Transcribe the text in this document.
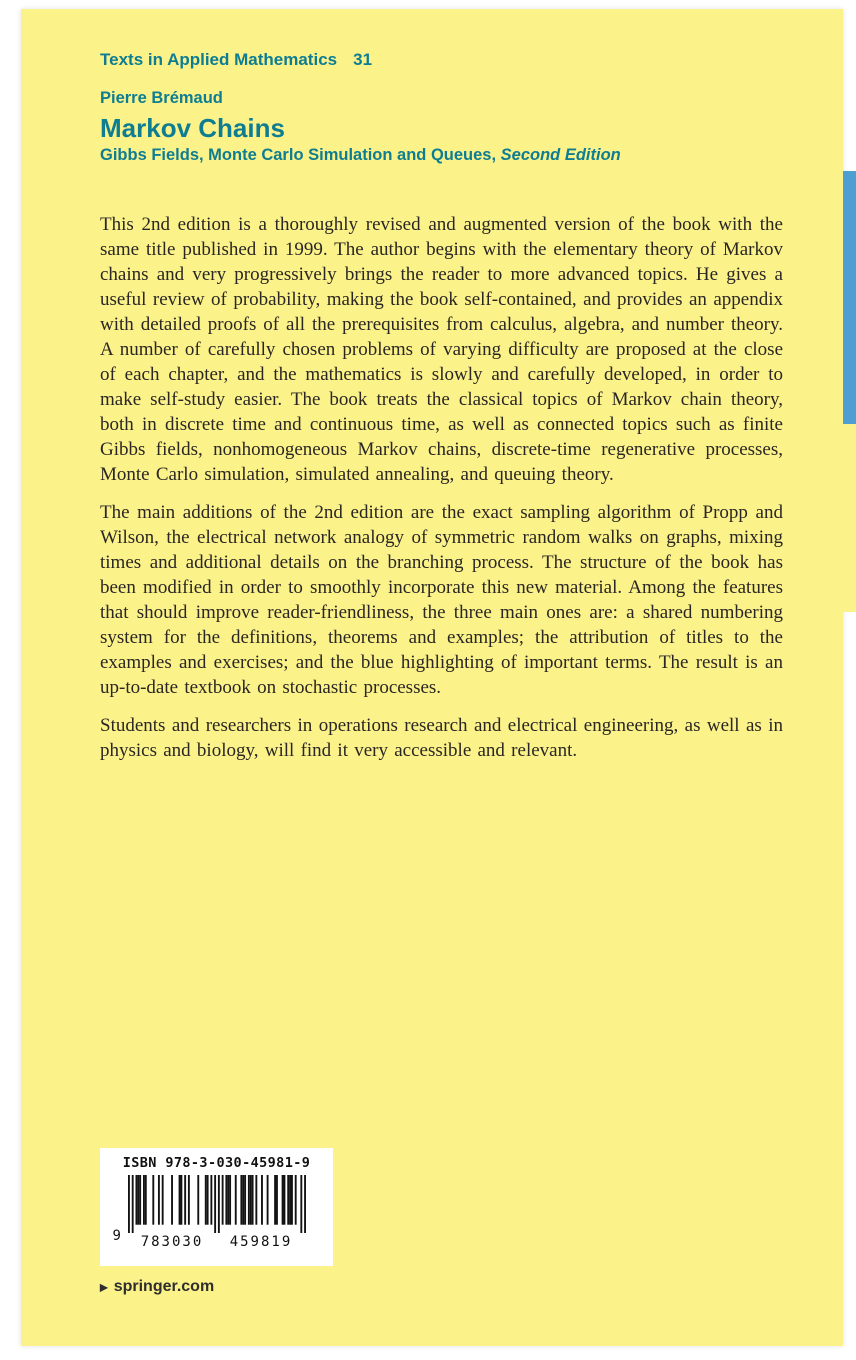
Texts in Applied Mathematics 31
Pierre Brémaud
Markov Chains
Gibbs Fields, Monte Carlo Simulation and Queues, Second Edition

This 2nd edition is a thoroughly revised and augmented version of the book with the same title published in 1999. The author begins with the elementary theory of Markov chains and very progressively brings the reader to more advanced topics. He gives a useful review of probability, making the book self-contained, and provides an appendix with detailed proofs of all the prerequisites from calculus, algebra, and number theory. A number of carefully chosen problems of varying difficulty are proposed at the close of each chapter, and the mathematics is slowly and carefully developed, in order to make self-study easier. The book treats the classical topics of Markov chain theory, both in discrete time and continuous time, as well as connected topics such as finite Gibbs fields, nonhomogeneous Markov chains, discrete-time regenerative processes, Monte Carlo simulation, simulated annealing, and queuing theory.

The main additions of the 2nd edition are the exact sampling algorithm of Propp and Wilson, the electrical network analogy of symmetric random walks on graphs, mixing times and additional details on the branching process. The structure of the book has been modified in order to smoothly incorporate this new material. Among the features that should improve reader-friendliness, the three main ones are: a shared numbering system for the definitions, theorems and examples; the attribution of titles to the examples and exercises; and the blue highlighting of important terms. The result is an up-to-date textbook on stochastic processes.

Students and researchers in operations research and electrical engineering, as well as in physics and biology, will find it very accessible and relevant.

ISBN 978-3-030-45981-9
9	783030	459819
▶ springer.com
